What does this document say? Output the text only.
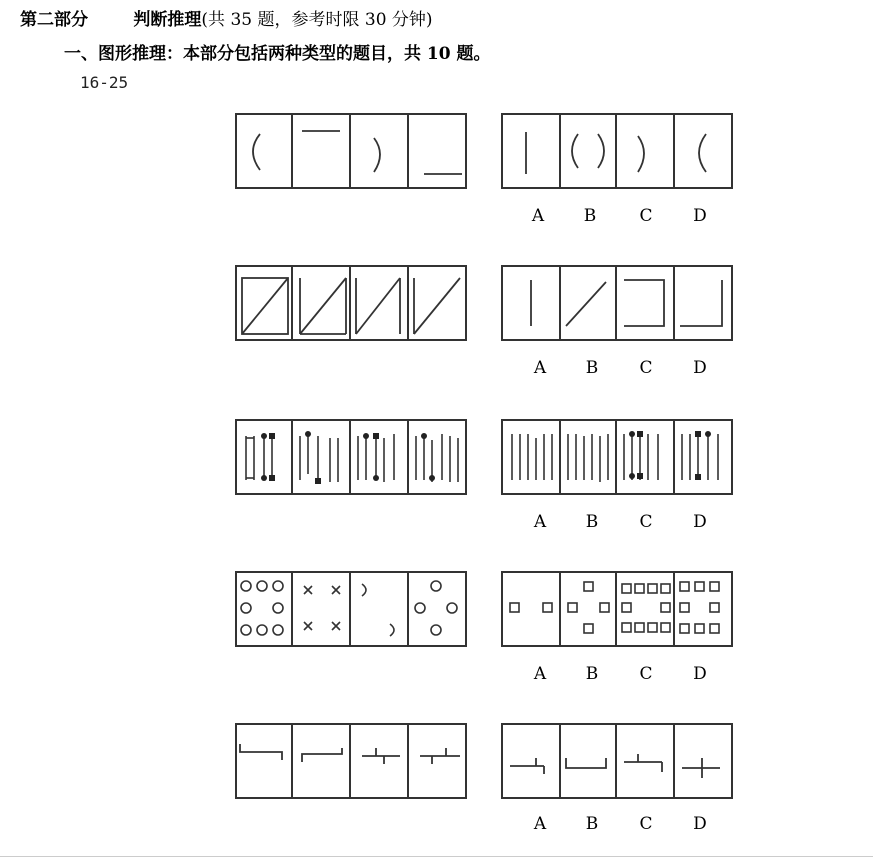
第二部分	判断推理(共 35 题，参考时限 30 分钟)
一、图形推理：本部分包括两种类型的题目，共 10 题。
16-25
A B	C D
A B C D
A B C D
A B C D
A B C D
